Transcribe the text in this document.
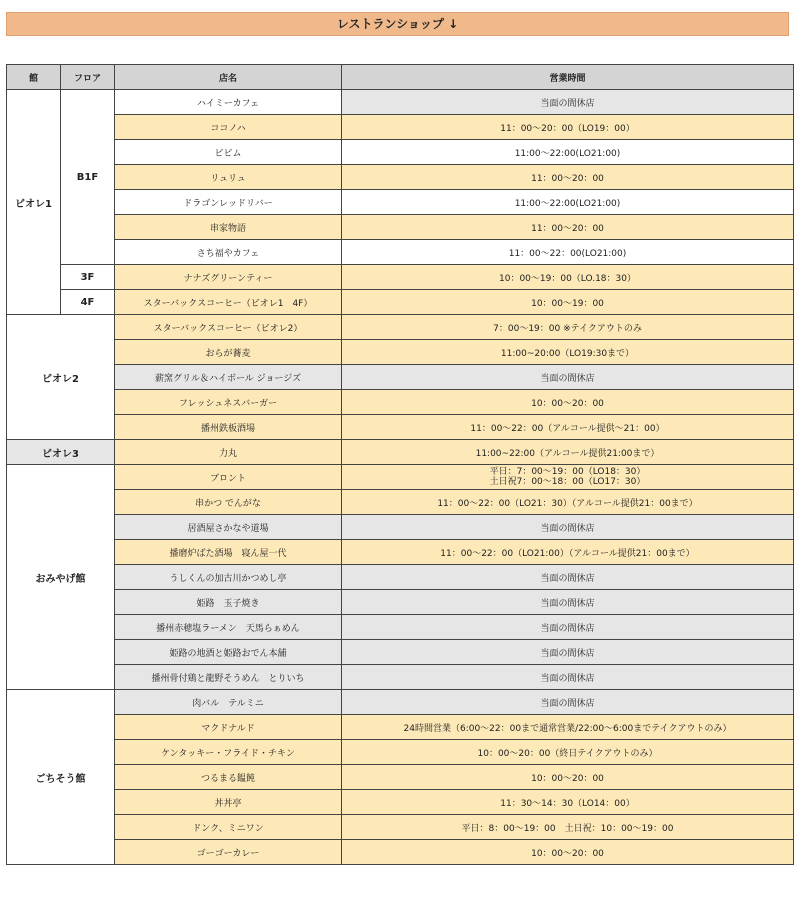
レストランショップ ↓
館	フロア	店名	営業時間
ビオレ1	B1F	ハイミーカフェ	当面の間休店
		ココノハ	11：00～20：00（LO19：00）
		ビビム	11:00～22:00(LO21:00)
		リュリュ	11：00～20：00
		ドラゴンレッドリバー	11:00～22:00(LO21:00)
		串家物語	11：00～20：00
		さち福やカフェ	11：00～22：00(LO21:00)
	3F	ナナズグリーンティー	10：00～19：00（LO.18：30）
	4F	スターバックスコーヒー（ビオレ1　4F）	10：00～19：00
ビオレ2		スターバックスコーヒー（ビオレ2）	7：00～19：00 ※テイクアウトのみ
		おらが蕎麦	11:00~20:00（LO19:30まで）
		薪窯グリル＆ハイボール ジョージズ	当面の間休店
		フレッシュネスバーガー	10：00～20：00
		播州鉄板酒場	11：00～22：00（アルコール提供～21：00）
ビオレ3		力丸	11:00~22:00（アルコール提供21:00まで）
おみやげ館		ブロント	平日：7：00～19：00（LO18：30）
土日祝7：00～18：00（LO17：30）

		串かつ でんがな	11：00～22：00（LO21：30）（アルコール提供21：00まで）
		居酒屋さかなや道場	当面の間休店
		播磨炉ばた酒場　寝ん屋一代	11：00～22：00（LO21:00）（アルコール提供21：00まで）
		うしくんの加古川かつめし亭	当面の間休店
		姫路　玉子焼き	当面の間休店
		播州赤穂塩ラーメン　天馬らぁめん	当面の間休店
		姫路の地酒と姫路おでん本舗	当面の間休店
		播州骨付鶏と龍野そうめん　とりいち	当面の間休店
ごちそう館		肉バル　テルミニ	当面の間休店
		マクドナルド	24時間営業（6:00～22：00まで通常営業/22:00～6:00までテイクアウトのみ）
		ケンタッキー・フライド・チキン	10：00～20：00（終日テイクアウトのみ）
		つるまる饂飩	10：00～20：00
		丼丼亭	11：30～14：30（LO14：00）
		ドンク、ミニワン	平日：8：00～19：00　土日祝：10：00～19：00
		ゴーゴーカレー	10：00～20：00
